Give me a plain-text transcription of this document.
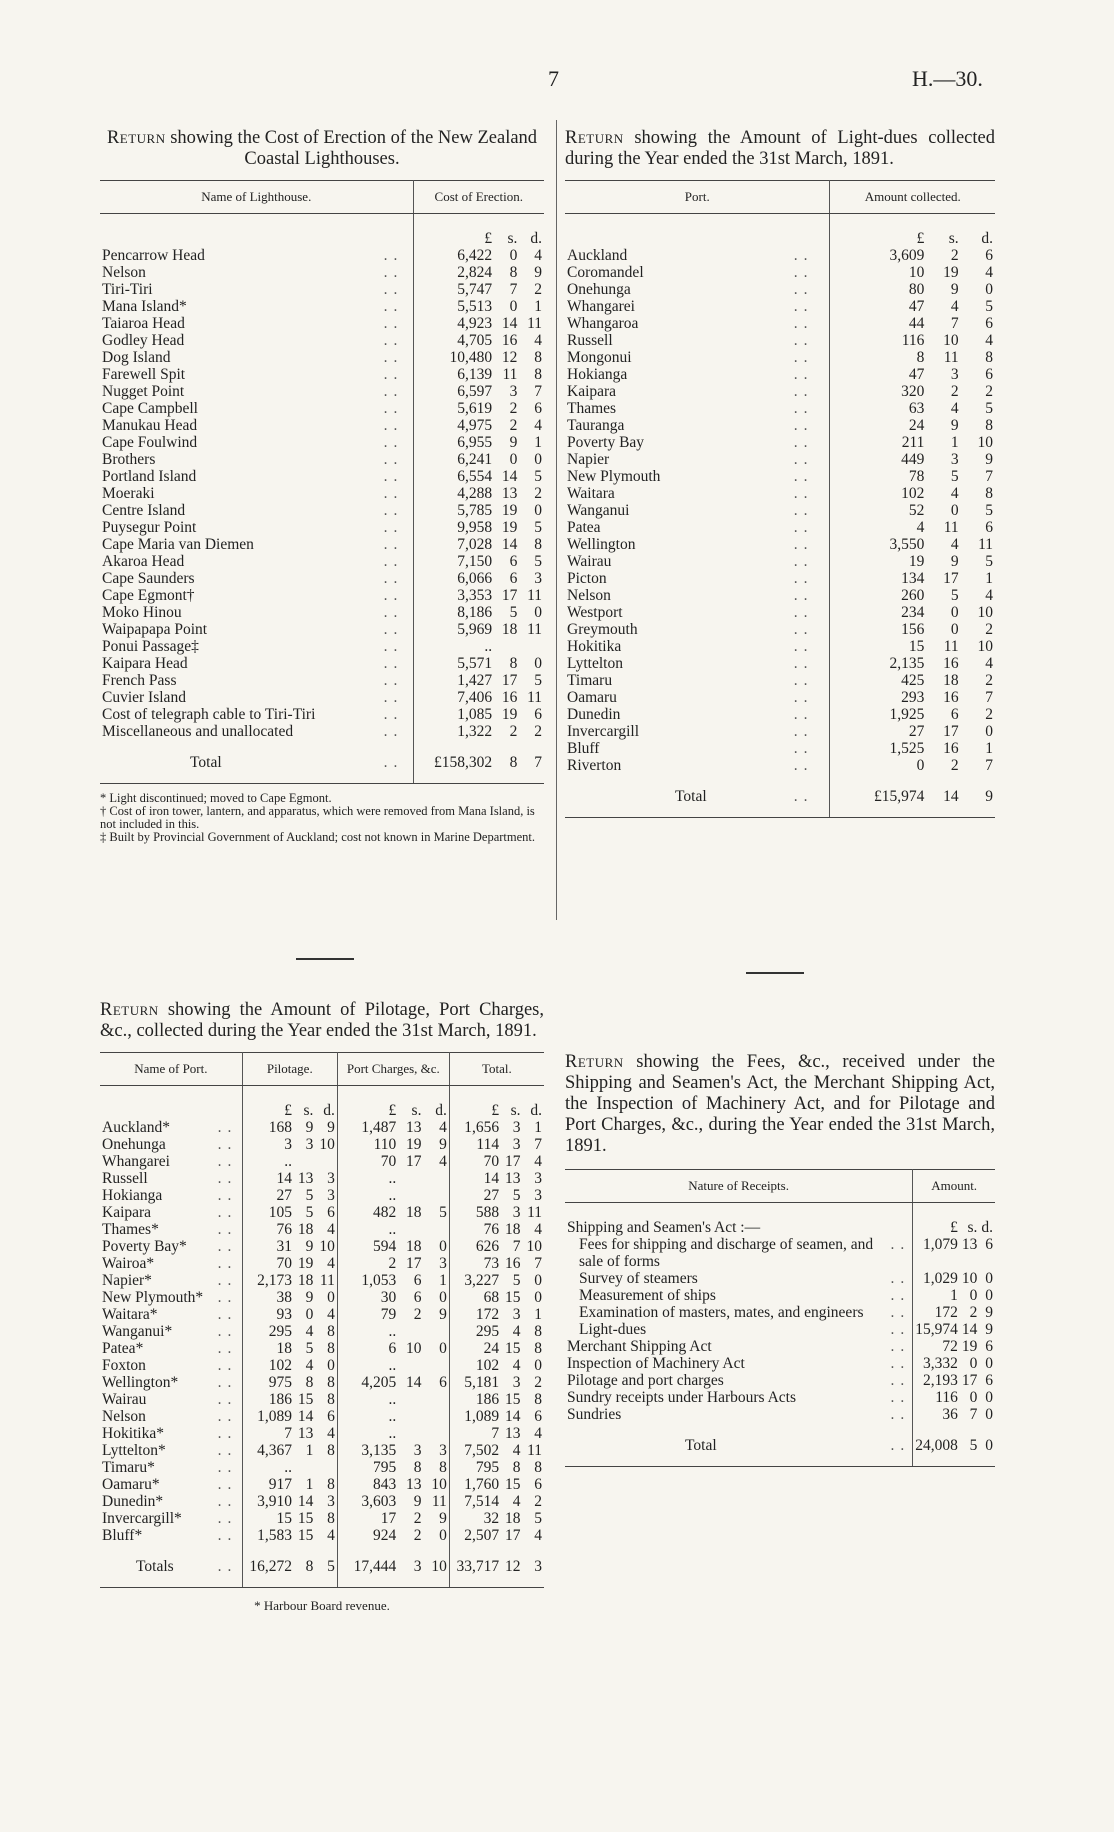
7	H.—30.

Return showing the Cost of Erection of the New Zealand Coastal Lighthouses.

Name of Lighthouse.		Cost of Erection.		
		£	s.	d.
Pencarrow Head	..	6,422	0	4
Nelson	..	2,824	8	9
Tiri-Tiri	..	5,747	7	2
Mana Island*	..	5,513	0	1
Taiaroa Head	..	4,923	14	11
Godley Head	..	4,705	16	4
Dog Island	..	10,480	12	8
Farewell Spit	..	6,139	11	8
Nugget Point	..	6,597	3	7
Cape Campbell	..	5,619	2	6
Manukau Head	..	4,975	2	4
Cape Foulwind	..	6,955	9	1
Brothers	..	6,241	0	0
Portland Island	..	6,554	14	5
Moeraki	..	4,288	13	2
Centre Island	..	5,785	19	0
Puysegur Point	..	9,958	19	5
Cape Maria van Diemen	..	7,028	14	8
Akaroa Head	..	7,150	6	5
Cape Saunders	..	6,066	6	3
Cape Egmont†	..	3,353	17	11
Moko Hinou	..	8,186	5	0
Waipapapa Point	..	5,969	18	11
Ponui Passage‡	..	..		
Kaipara Head	..	5,571	8	0
French Pass	..	1,427	17	5
Cuvier Island	..	7,406	16	11
Cost of telegraph cable to Tiri-Tiri	..	1,085	19	6
Miscellaneous and unallocated	..	1,322	2	2
Total	..	£158,302	8	7
* Light discontinued; moved to Cape Egmont.
† Cost of iron tower, lantern, and apparatus, which were removed from Mana Island, is not included in this.
‡ Built by Provincial Government of Auckland; cost not known in Marine Department.

Return showing the Amount of Light-dues collected during the Year ended the 31st March, 1891.

Port.		Amount collected.		
		£	s.	d.
Auckland	..	3,609	2	6
Coromandel	..	10	19	4
Onehunga	..	80	9	0
Whangarei	..	47	4	5
Whangaroa	..	44	7	6
Russell	..	116	10	4
Mongonui	..	8	11	8
Hokianga	..	47	3	6
Kaipara	..	320	2	2
Thames	..	63	4	5
Tauranga	..	24	9	8
Poverty Bay	..	211	1	10
Napier	..	449	3	9
New Plymouth	..	78	5	7
Waitara	..	102	4	8
Wanganui	..	52	0	5
Patea	..	4	11	6
Wellington	..	3,550	4	11
Wairau	..	19	9	5
Picton	..	134	17	1
Nelson	..	260	5	4
Westport	..	234	0	10
Greymouth	..	156	0	2
Hokitika	..	15	11	10
Lyttelton	..	2,135	16	4
Timaru	..	425	18	2
Oamaru	..	293	16	7
Dunedin	..	1,925	6	2
Invercargill	..	27	17	0
Bluff	..	1,525	16	1
Riverton	..	0	2	7
Total	..	£15,974	14	9

Return showing the Amount of Pilotage, Port Charges, &c., collected during the Year ended the 31st March, 1891.

Name of Port.		Pilotage.			Port Charges, &c.			Total.		
		£	s.	d.	£	s.	d.	£	s.	d.
Auckland*	..	168	9	9	1,487	13	4	1,656	3	1
Onehunga	..	3	3	10	110	19	9	114	3	7
Whangarei	..	..			70	17	4	70	17	4
Russell	..	14	13	3	..			14	13	3
Hokianga	..	27	5	3	..			27	5	3
Kaipara	..	105	5	6	482	18	5	588	3	11
Thames*	..	76	18	4	..			76	18	4
Poverty Bay*	..	31	9	10	594	18	0	626	7	10
Wairoa*	..	70	19	4	2	17	3	73	16	7
Napier*	..	2,173	18	11	1,053	6	1	3,227	5	0
New Plymouth*	..	38	9	0	30	6	0	68	15	0
Waitara*	..	93	0	4	79	2	9	172	3	1
Wanganui*	..	295	4	8	..			295	4	8
Patea*	..	18	5	8	6	10	0	24	15	8
Foxton	..	102	4	0	..			102	4	0
Wellington*	..	975	8	8	4,205	14	6	5,181	3	2
Wairau	..	186	15	8	..			186	15	8
Nelson	..	1,089	14	6	..			1,089	14	6
Hokitika*	..	7	13	4	..			7	13	4
Lyttelton*	..	4,367	1	8	3,135	3	3	7,502	4	11
Timaru*	..	..			795	8	8	795	8	8
Oamaru*	..	917	1	8	843	13	10	1,760	15	6
Dunedin*	..	3,910	14	3	3,603	9	11	7,514	4	2
Invercargill*	..	15	15	8	17	2	9	32	18	5
Bluff*	..	1,583	15	4	924	2	0	2,507	17	4
Totals	..	16,272	8	5	17,444	3	10	33,717	12	3
* Harbour Board revenue.

Return showing the Fees, &c., received under the Shipping and Seamen's Act, the Merchant Shipping Act, the Inspection of Machinery Act, and for Pilotage and Port Charges, &c., during the Year ended the 31st March, 1891.

Nature of Receipts.		Amount.		
Shipping and Seamen's Act :—		£	s.	d.
Fees for shipping and discharge of seamen, and sale of forms	..	1,079	13	6
Survey of steamers	..	1,029	10	0
Measurement of ships	..	1	0	0
Examination of masters, mates, and engineers	..	172	2	9
Light-dues	..	15,974	14	9
Merchant Shipping Act	..	72	19	6
Inspection of Machinery Act	..	3,332	0	0
Pilotage and port charges	..	2,193	17	6
Sundry receipts under Harbours Acts	..	116	0	0
Sundries	..	36	7	0
Total	..	24,008	5	0
